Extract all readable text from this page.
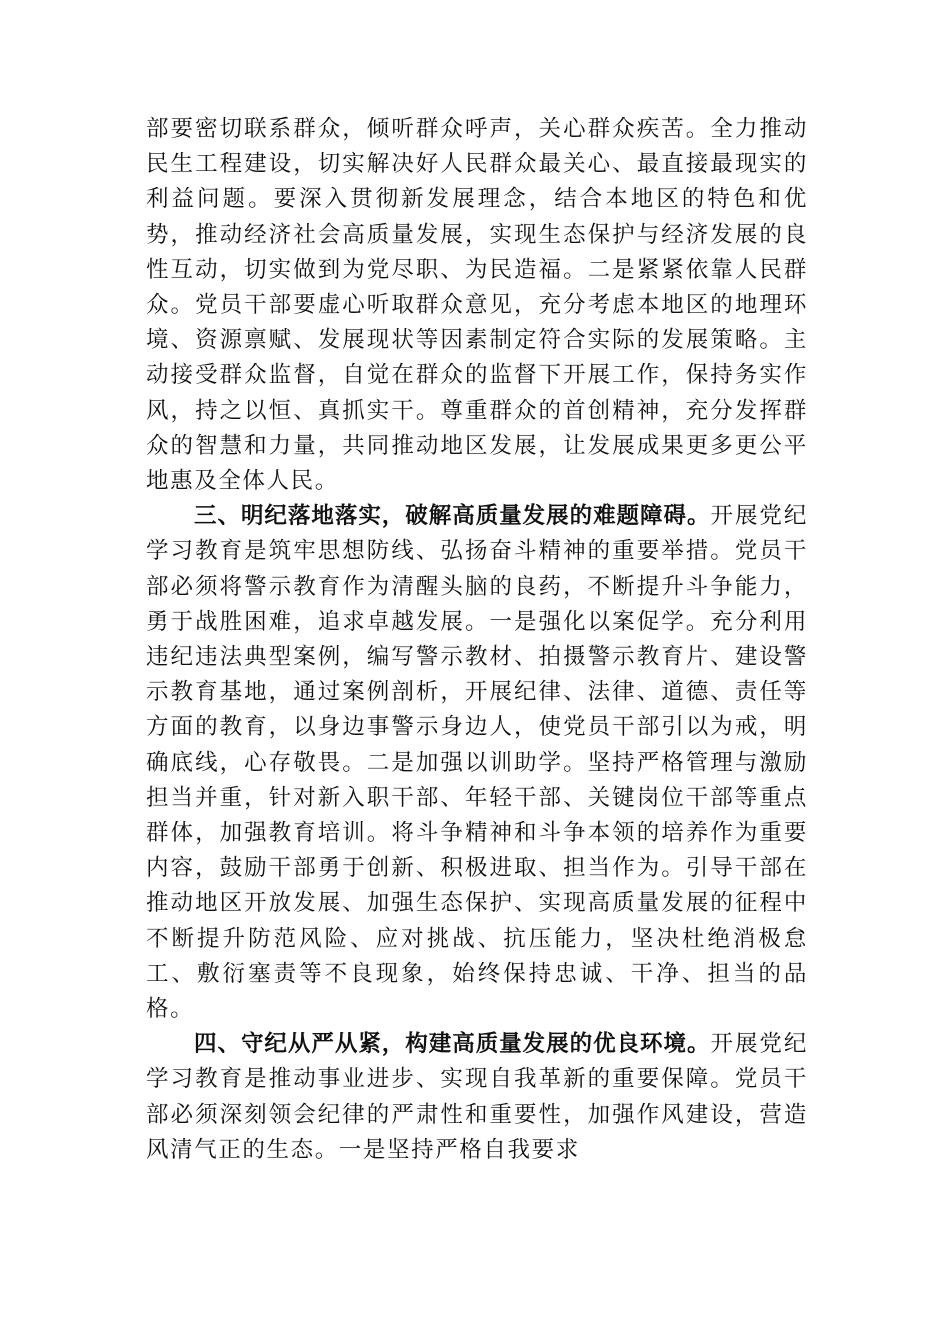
部要密切联系群众，倾听群众呼声，关心群众疾苦。全力推动民生工程建设，切实解决好人民群众最关心、最直接最现实的利益问题。要深入贯彻新发展理念，结合本地区的特色和优势，推动经济社会高质量发展，实现生态保护与经济发展的良性互动，切实做到为党尽职、为民造福。二是紧紧依靠人民群众。党员干部要虚心听取群众意见，充分考虑本地区的地理环境、资源禀赋、发展现状等因素制定符合实际的发展策略。主动接受群众监督，自觉在群众的监督下开展工作，保持务实作风，持之以恒、真抓实干。尊重群众的首创精神，充分发挥群众的智慧和力量，共同推动地区发展，让发展成果更多更公平地惠及全体人民。

三、明纪落地落实，破解高质量发展的难题障碍。开展党纪学习教育是筑牢思想防线、弘扬奋斗精神的重要举措。党员干部必须将警示教育作为清醒头脑的良药，不断提升斗争能力，勇于战胜困难，追求卓越发展。一是强化以案促学。充分利用违纪违法典型案例，编写警示教材、拍摄警示教育片、建设警示教育基地，通过案例剖析，开展纪律、法律、道德、责任等方面的教育，以身边事警示身边人，使党员干部引以为戒，明确底线，心存敬畏。二是加强以训助学。坚持严格管理与激励担当并重，针对新入职干部、年轻干部、关键岗位干部等重点群体，加强教育培训。将斗争精神和斗争本领的培养作为重要内容，鼓励干部勇于创新、积极进取、担当作为。引导干部在推动地区开放发展、加强生态保护、实现高质量发展的征程中不断提升防范风险、应对挑战、抗压能力，坚决杜绝消极怠工、敷衍塞责等不良现象，始终保持忠诚、干净、担当的品格。

四、守纪从严从紧，构建高质量发展的优良环境。开展党纪学习教育是推动事业进步、实现自我革新的重要保障。党员干部必须深刻领会纪律的严肃性和重要性，加强作风建设，营造风清气正的生态。一是坚持严格自我要求
